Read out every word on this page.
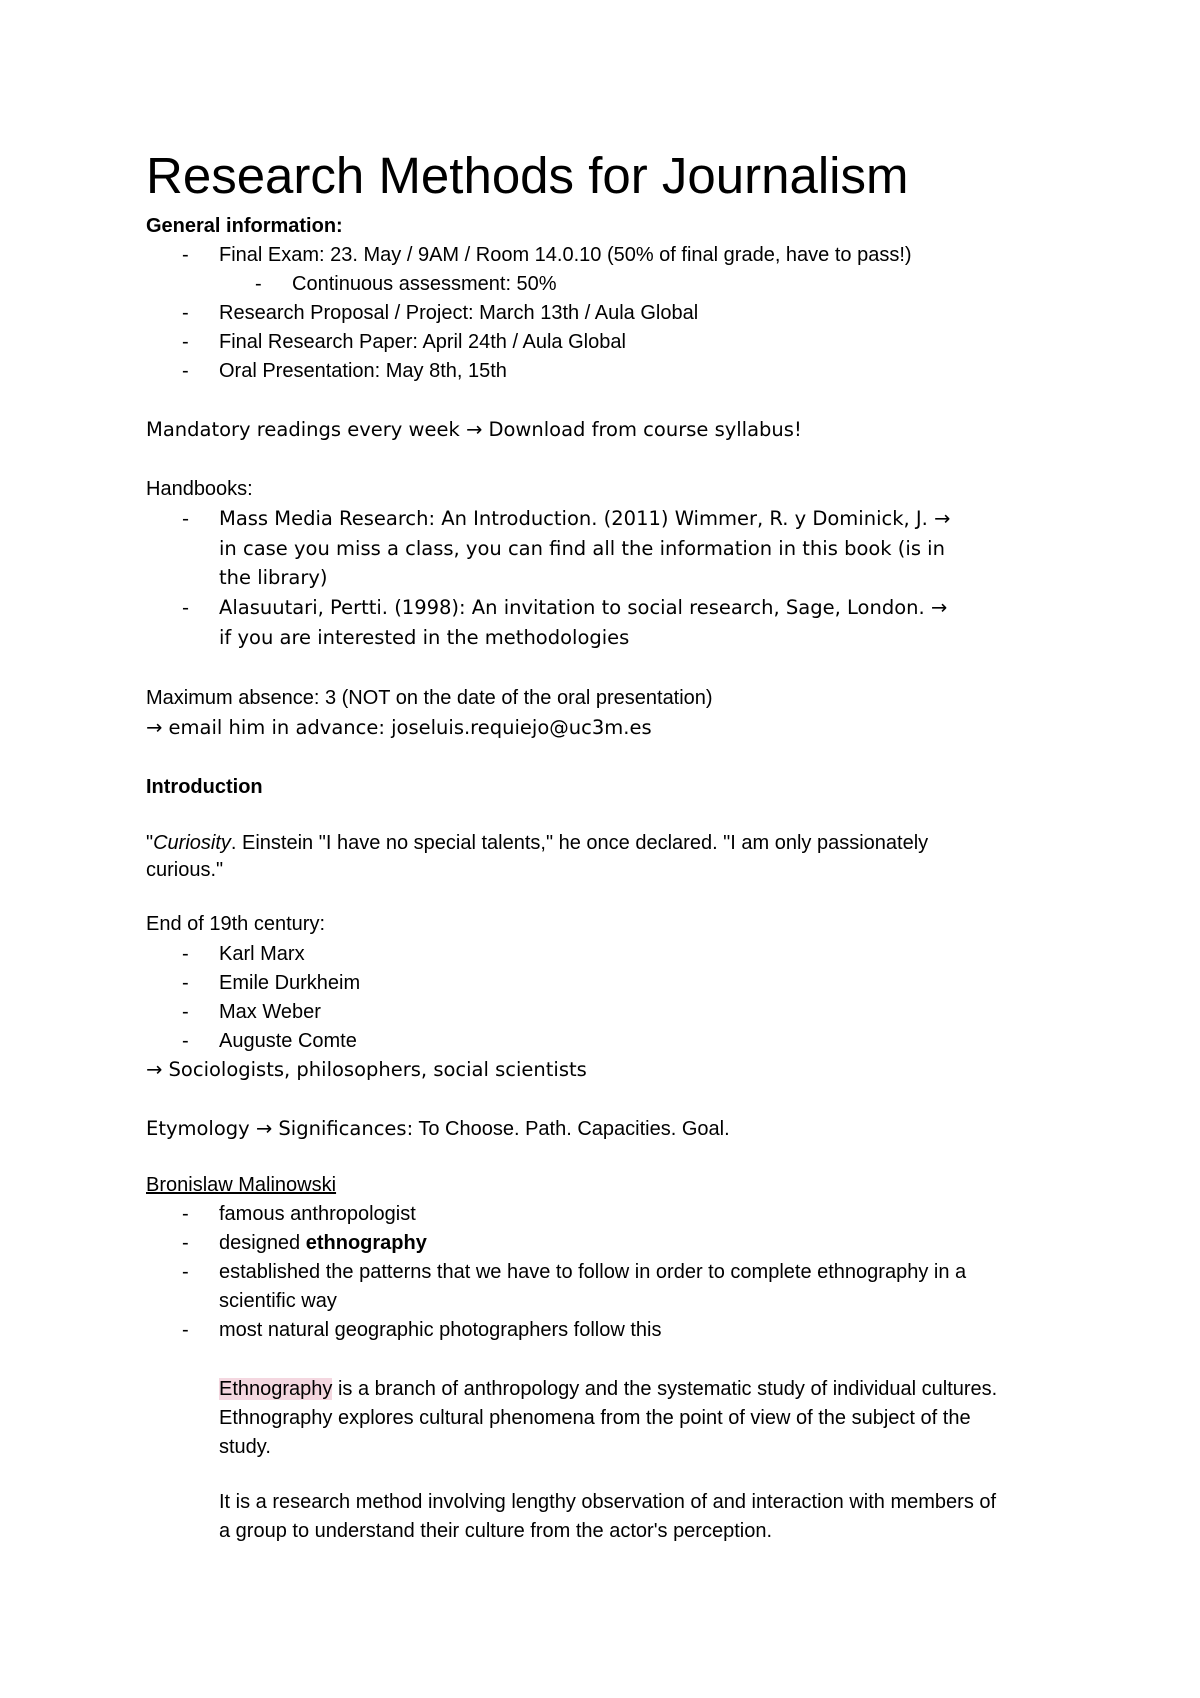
Research Methods for Journalism
General information:
-	Final Exam: 23. May / 9AM / Room 14.0.10 (50% of final grade, have to pass!)
-	Continuous assessment: 50%
-	Research Proposal / Project: March 13th / Aula Global
-	Final Research Paper: April 24th / Aula Global
-	Oral Presentation: May 8th, 15th
Mandatory readings every week → Download from course syllabus!
Handbooks:
-	Mass Media Research: An Introduction. (2011) Wimmer, R. y Dominick, J. →
in case you miss a class, you can find all the information in this book (is in
the library)
-	Alasuutari, Pertti. (1998): An invitation to social research, Sage, London. →
if you are interested in the methodologies
Maximum absence: 3 (NOT on the date of the oral presentation)
→ email him in advance: joseluis.requiejo@uc3m.es
Introduction
"Curiosity. Einstein "I have no special talents," he once declared. "I am only passionately
curious."
End of 19th century:
-	Karl Marx
-	Emile Durkheim
-	Max Weber
-	Auguste Comte
→ Sociologists, philosophers, social scientists
Etymology → Significances: To Choose. Path. Capacities. Goal.
Bronislaw Malinowski
-	famous anthropologist
-	designed ethnography
-	established the patterns that we have to follow in order to complete ethnography in a
scientific way
-	most natural geographic photographers follow this
Ethnography is a branch of anthropology and the systematic study of individual cultures.
Ethnography explores cultural phenomena from the point of view of the subject of the
study.
It is a research method involving lengthy observation of and interaction with members of
a group to understand their culture from the actor's perception.
